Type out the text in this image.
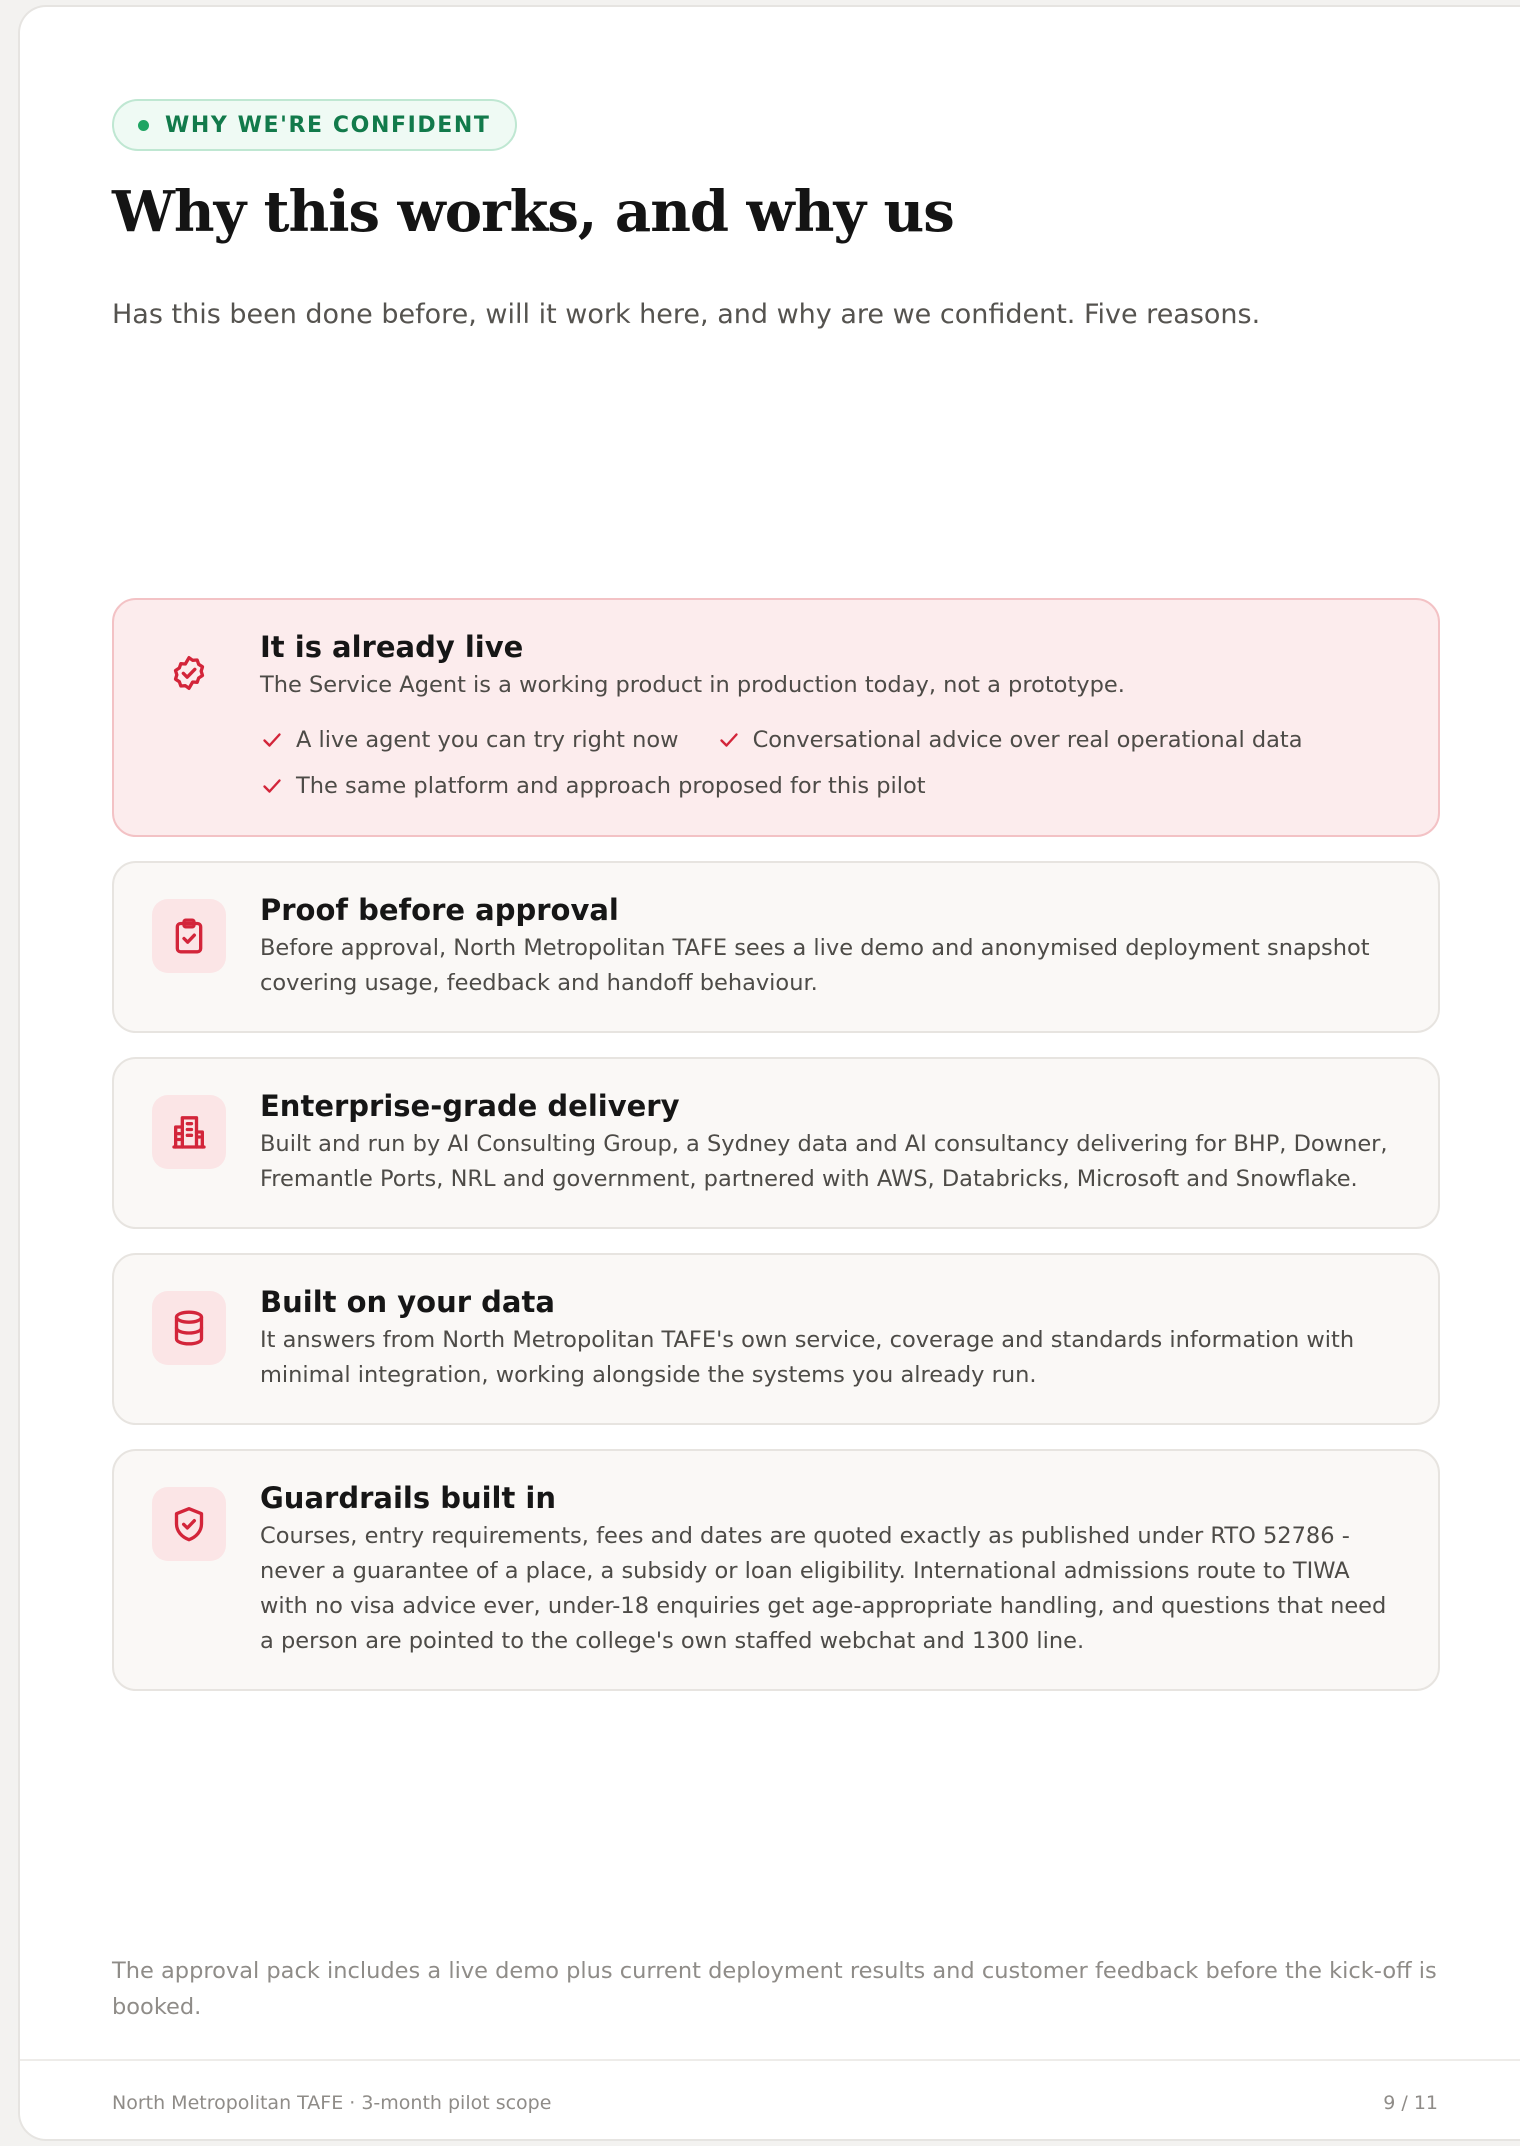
WHY WE'RE CONFIDENT
Why this works, and why us

Has this been done before, will it work here, and why are we confident. Five reasons.

It is already live

The Service Agent is a working product in production today, not a prototype.

A live agent you can try right now	Conversational advice over real operational data
The same platform and approach proposed for this pilot
Proof before approval

Before approval, North Metropolitan TAFE sees a live demo and anonymised deployment snapshot covering usage, feedback and handoff behaviour.

Enterprise-grade delivery

Built and run by AI Consulting Group, a Sydney data and AI consultancy delivering for BHP, Downer, Fremantle Ports, NRL and government, partnered with AWS, Databricks, Microsoft and Snowflake.

Built on your data

It answers from North Metropolitan TAFE's own service, coverage and standards information with minimal integration, working alongside the systems you already run.

Guardrails built in

Courses, entry requirements, fees and dates are quoted exactly as published under RTO 52786 - never a guarantee of a place, a subsidy or loan eligibility. International admissions route to TIWA with no visa advice ever, under-18 enquiries get age-appropriate handling, and questions that need a person are pointed to the college's own staffed webchat and 1300 line.

The approval pack includes a live demo plus current deployment results and customer feedback before the kick-off is booked.

North Metropolitan TAFE · 3-month pilot scope	9 / 11
